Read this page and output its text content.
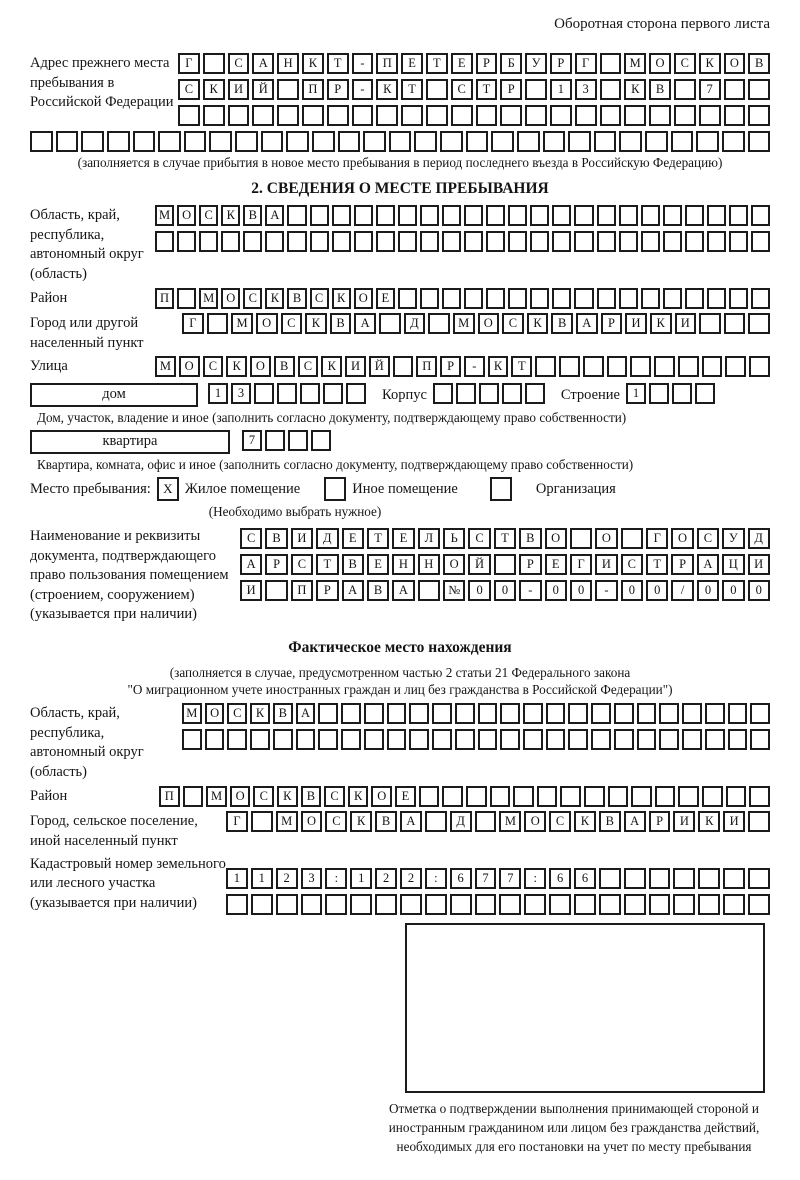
Оборотная сторона первого листа
Адрес прежнего места пребывания в Российской Федерации
Г	С	А	Н	К	Т	-	П	Е	Т	Е	Р	Б	У	Р	Г	М	О	С	К	О	В
С	К	И	Й	П	Р	-	К	Т	С	Т	Р	1	3	К	В	7
(заполняется в случае прибытия в новое место пребывания в период последнего въезда в Российскую Федерацию)
2. СВЕДЕНИЯ О МЕСТЕ ПРЕБЫВАНИЯ
Область, край, республика, автономный округ (область)
М О	С	К	В	А
Район	П	М О	С	К	В	С	К	О	Е
Город или другой населенный пункт
Г	М	О	С	К	В	А	Д	М	О	С	К	В	А	Р	И	К	И
Улица	М	О	С	К	О	В	С	К	И	Й	П	Р	-	К	Т
дом	1	3	Корпус	Строение	1
Дом, участок, владение и иное (заполнить согласно документу, подтверждающему право собственности)
квартира	7
Квартира, комната, офис и иное (заполнить согласно документу, подтверждающему право собственности)
Место пребывания: X Жилое помещение	Иное помещение	Организация
(Необходимо выбрать нужное)
Наименование и реквизиты документа, подтверждающего право пользования помещением (строением, сооружением) (указывается при наличии)
С	В	И	Д	Е	Т	Е	Л	Ь	С	Т	В	О	О	Г	О	С	У	Д
А	Р	С	Т	В	Е	Н	Н	О	Й	Р	Е	Г	И	С	Т	Р	А	Ц	И
И	П	Р	А	В	А	№	0	0	-	0	0	-	0	0	/	0	0	0
Фактическое место нахождения
(заполняется в случае, предусмотренном частью 2 статьи 21 Федерального закона
"О миграционном учете иностранных граждан и лиц без гражданства в Российской Федерации")
Область, край, республика, автономный округ (область)
М	О	С	К	В	А
Район	П	М	О	С	К	В	С	К	О	Е
Город, сельское поселение, иной населенный пункт
Г	М	О	С	К	В	А	Д	М	О	С	К	В	А	Р	И	К	И
Кадастровый номер земельного или лесного участка (указывается при наличии)
1	1	2	3	:	1	2	2	:	6	7	7	:	6	6
Отметка о подтверждении выполнения принимающей стороной и иностранным гражданином или лицом без гражданства действий, необходимых для его постановки на учет по месту пребывания
